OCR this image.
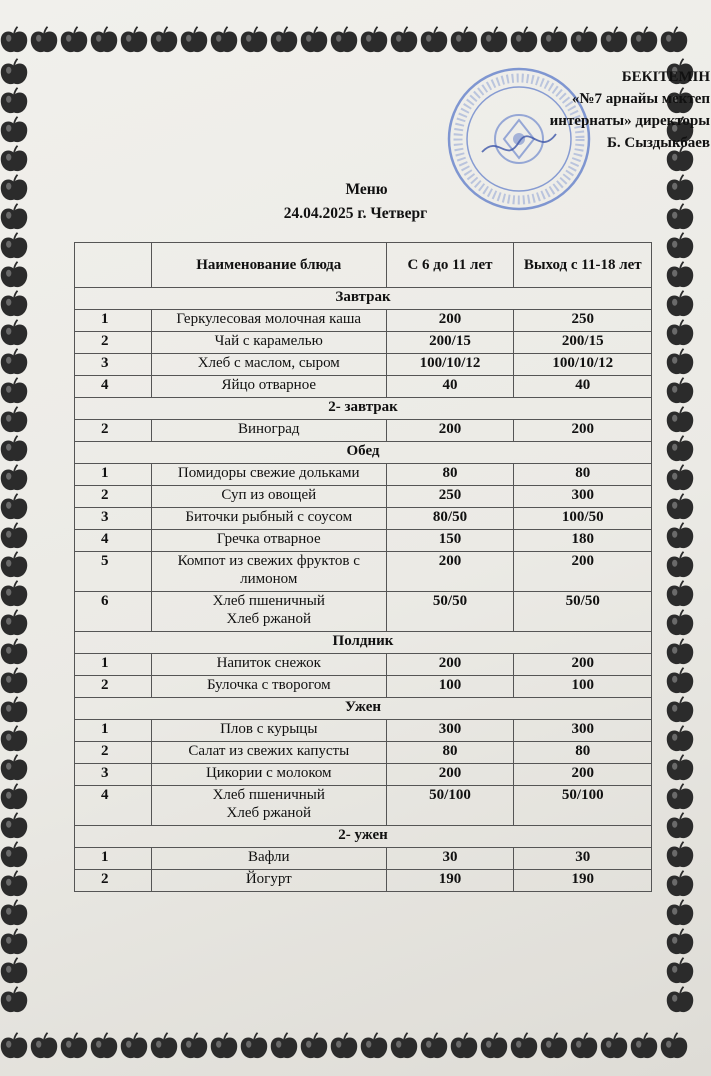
БЕКІТЕМІН
«№7 арнайы мектеп
интернаты» директоры
Б. Сыздыкбаев
Меню
24.04.2025 г. Четверг
	Наименование блюда	С 6 до 11 лет	Выход с 11-18 лет
Завтрак			
1	Геркулесовая молочная каша	200	250
2	Чай с карамелью	200/15	200/15
3	Хлеб с маслом, сыром	100/10/12	100/10/12
4	Яйцо отварное	40	40
2- завтрак			
2	Виноград	200	200
Обед			
1	Помидоры свежие дольками	80	80
2	Суп из овощей	250	300
3	Биточки рыбный с соусом	80/50	100/50
4	Гречка отварное	150	180
5	Компот из свежих фруктов с
лимоном	200	200
6	Хлеб пшеничный
Хлеб ржаной	50/50	50/50
Полдник			
1	Напиток снежок	200	200
2	Булочка с творогом	100	100
Ужен			
1	Плов с курыцы	300	300
2	Салат из свежих капусты	80	80
3	Цикории с молоком	200	200
4	Хлеб пшеничный
Хлеб ржаной	50/100	50/100
2- ужен			
1	Вафли	30	30
2	Йогурт	190	190
